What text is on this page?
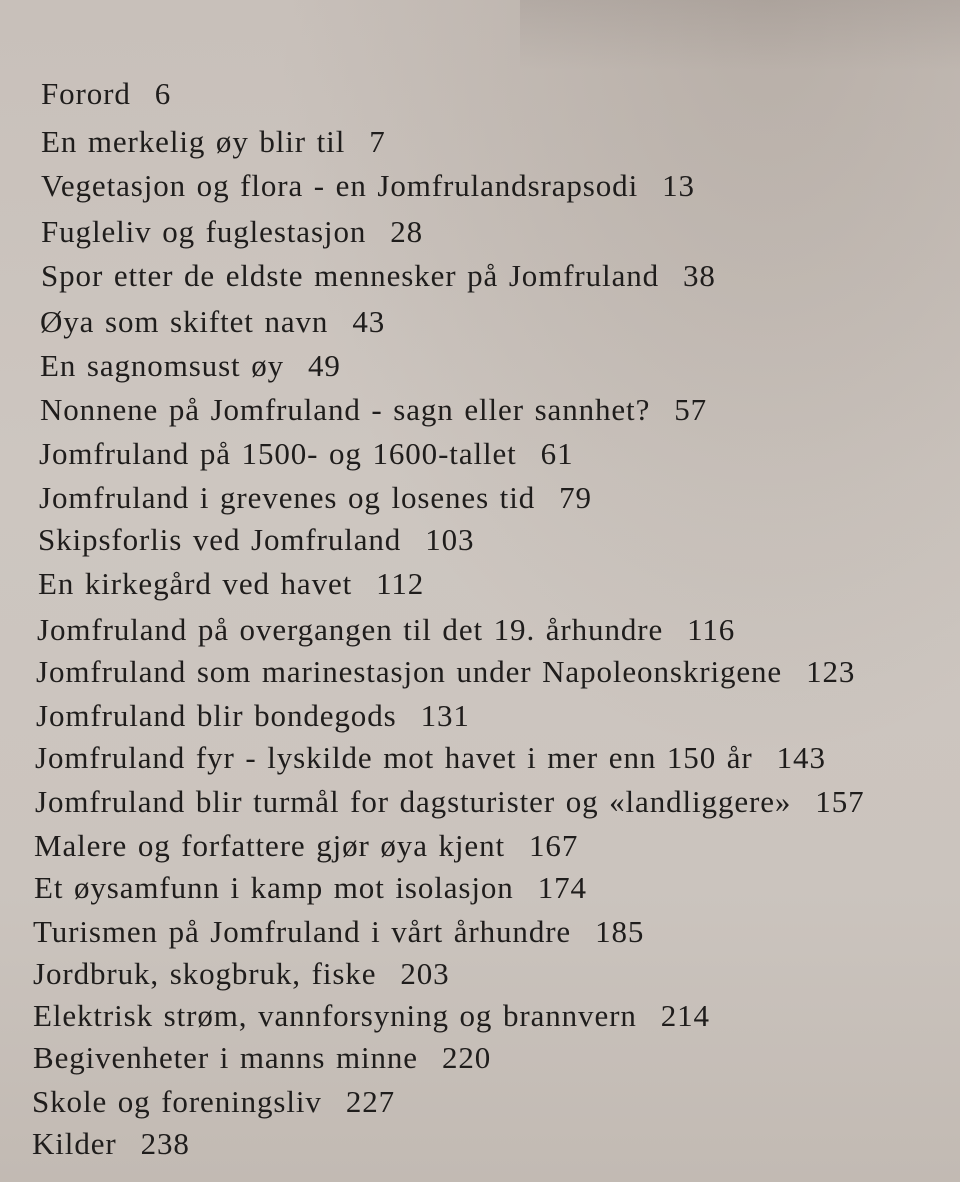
Forord 6
En merkelig øy blir til 7
Vegetasjon og flora - en Jomfrulandsrapsodi 13
Fugleliv og fuglestasjon 28
Spor etter de eldste mennesker på Jomfruland 38
Øya som skiftet navn 43
En sagnomsust øy 49
Nonnene på Jomfruland - sagn eller sannhet? 57
Jomfruland på 1500- og 1600-tallet 61
Jomfruland i grevenes og losenes tid 79
Skipsforlis ved Jomfruland 103
En kirkegård ved havet 112
Jomfruland på overgangen til det 19. århundre 116
Jomfruland som marinestasjon under Napoleonskrigene 123
Jomfruland blir bondegods 131
Jomfruland fyr - lyskilde mot havet i mer enn 150 år 143
Jomfruland blir turmål for dagsturister og «landliggere» 157
Malere og forfattere gjør øya kjent 167
Et øysamfunn i kamp mot isolasjon 174
Turismen på Jomfruland i vårt århundre 185
Jordbruk, skogbruk, fiske 203
Elektrisk strøm, vannforsyning og brannvern 214
Begivenheter i manns minne 220
Skole og foreningsliv 227
Kilder 238
